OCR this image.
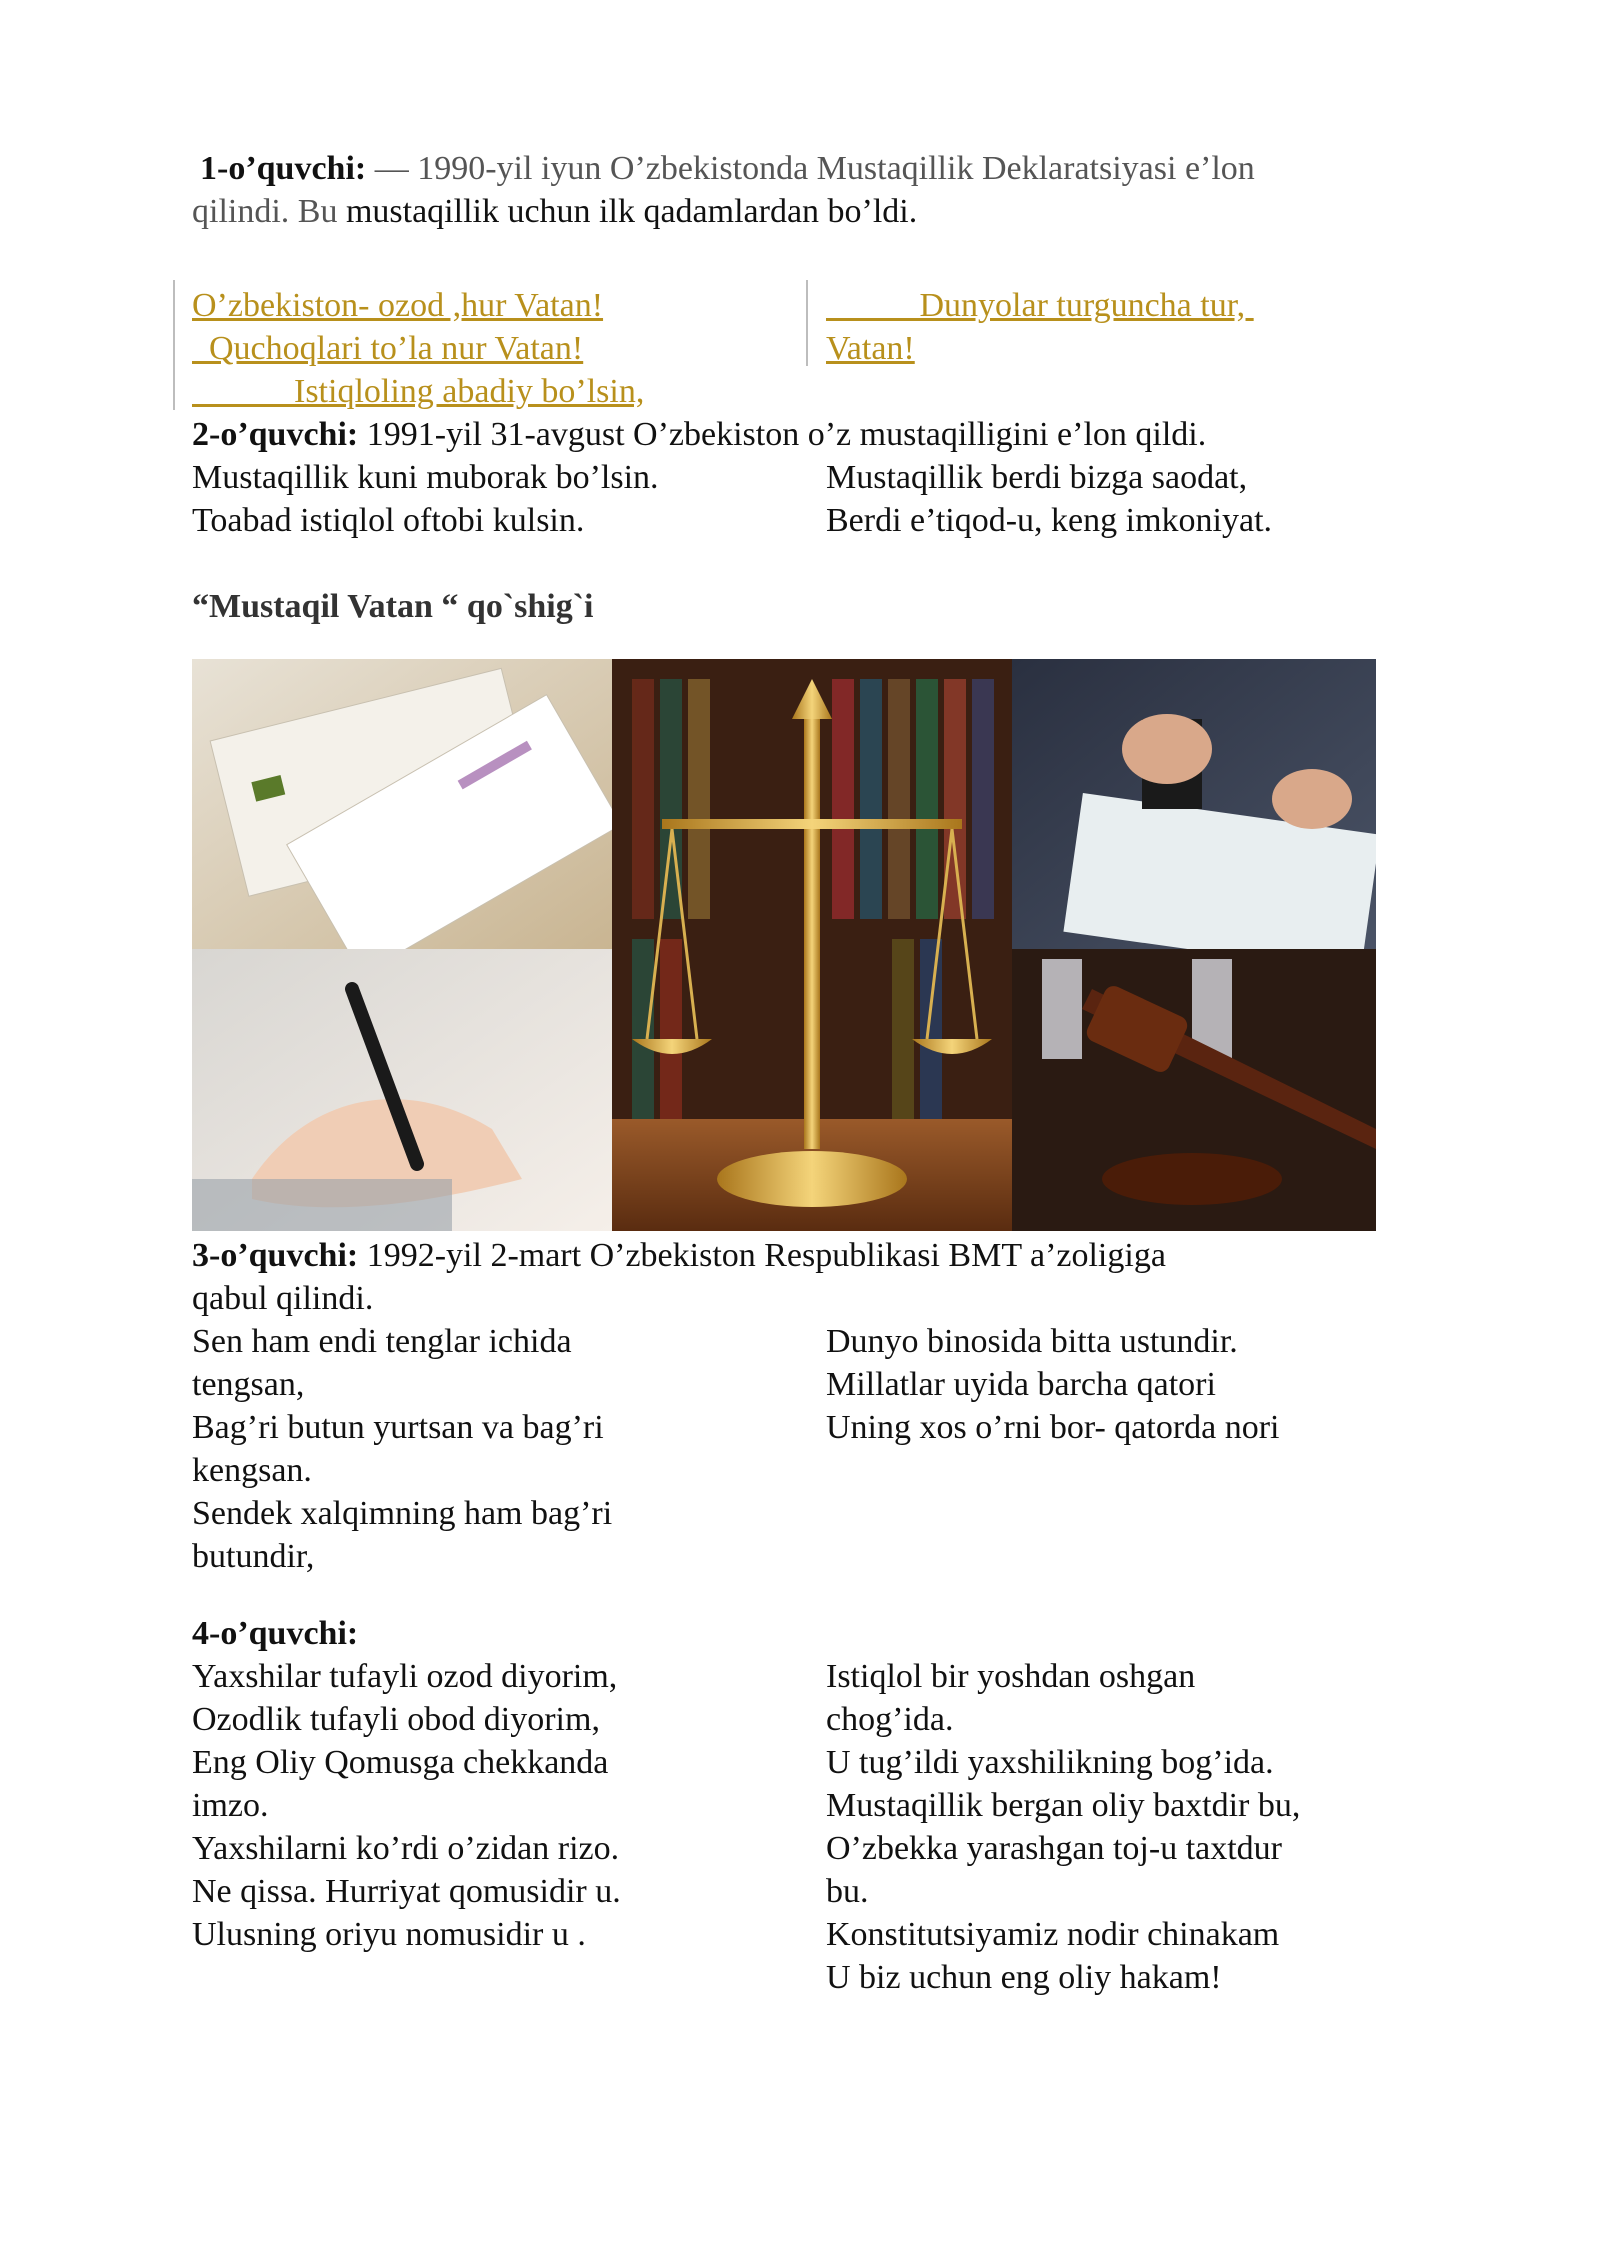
1-o’quvchi: — 1990-yil iyun O’zbekistonda Mustaqillik Deklaratsiyasi e’lon
qilindi. Bu mustaqillik uchun ilk qadamlardan bo’ldi.
O’zbekiston- ozod ,hur Vatan!
Quchoqlari to’la nur Vatan!
Istiqloling abadiy bo’lsin,
Dunyolar turguncha tur,
Vatan!
2-o’quvchi: 1991-yil 31-avgust O’zbekiston o’z mustaqilligini e’lon qildi.
Mustaqillik kuni muborak bo’lsin.
Toabad istiqlol oftobi kulsin.
Mustaqillik berdi bizga saodat,
Berdi e’tiqod-u, keng imkoniyat.
“Mustaqil Vatan “ qo`shig`i
3-o’quvchi: 1992-yil 2-mart O’zbekiston Respublikasi BMT a’zoligiga
qabul qilindi.
Sen ham endi tenglar ichida
tengsan,
Bag’ri butun yurtsan va bag’ri
kengsan.
Sendek xalqimning ham bag’ri
butundir,
Dunyo binosida bitta ustundir.
Millatlar uyida barcha qatori
Uning xos o’rni bor- qatorda nori
4-o’quvchi:
Yaxshilar tufayli ozod diyorim,
Ozodlik tufayli obod diyorim,
Eng Oliy Qomusga chekkanda
imzo.
Yaxshilarni ko’rdi o’zidan rizo.
Ne qissa. Hurriyat qomusidir u.
Ulusning oriyu nomusidir u .
Istiqlol bir yoshdan oshgan
chog’ida.
U tug’ildi yaxshilikning bog’ida.
Mustaqillik bergan oliy baxtdir bu,
O’zbekka yarashgan toj-u taxtdur
bu.
Konstitutsiyamiz nodir chinakam
U biz uchun eng oliy hakam!
